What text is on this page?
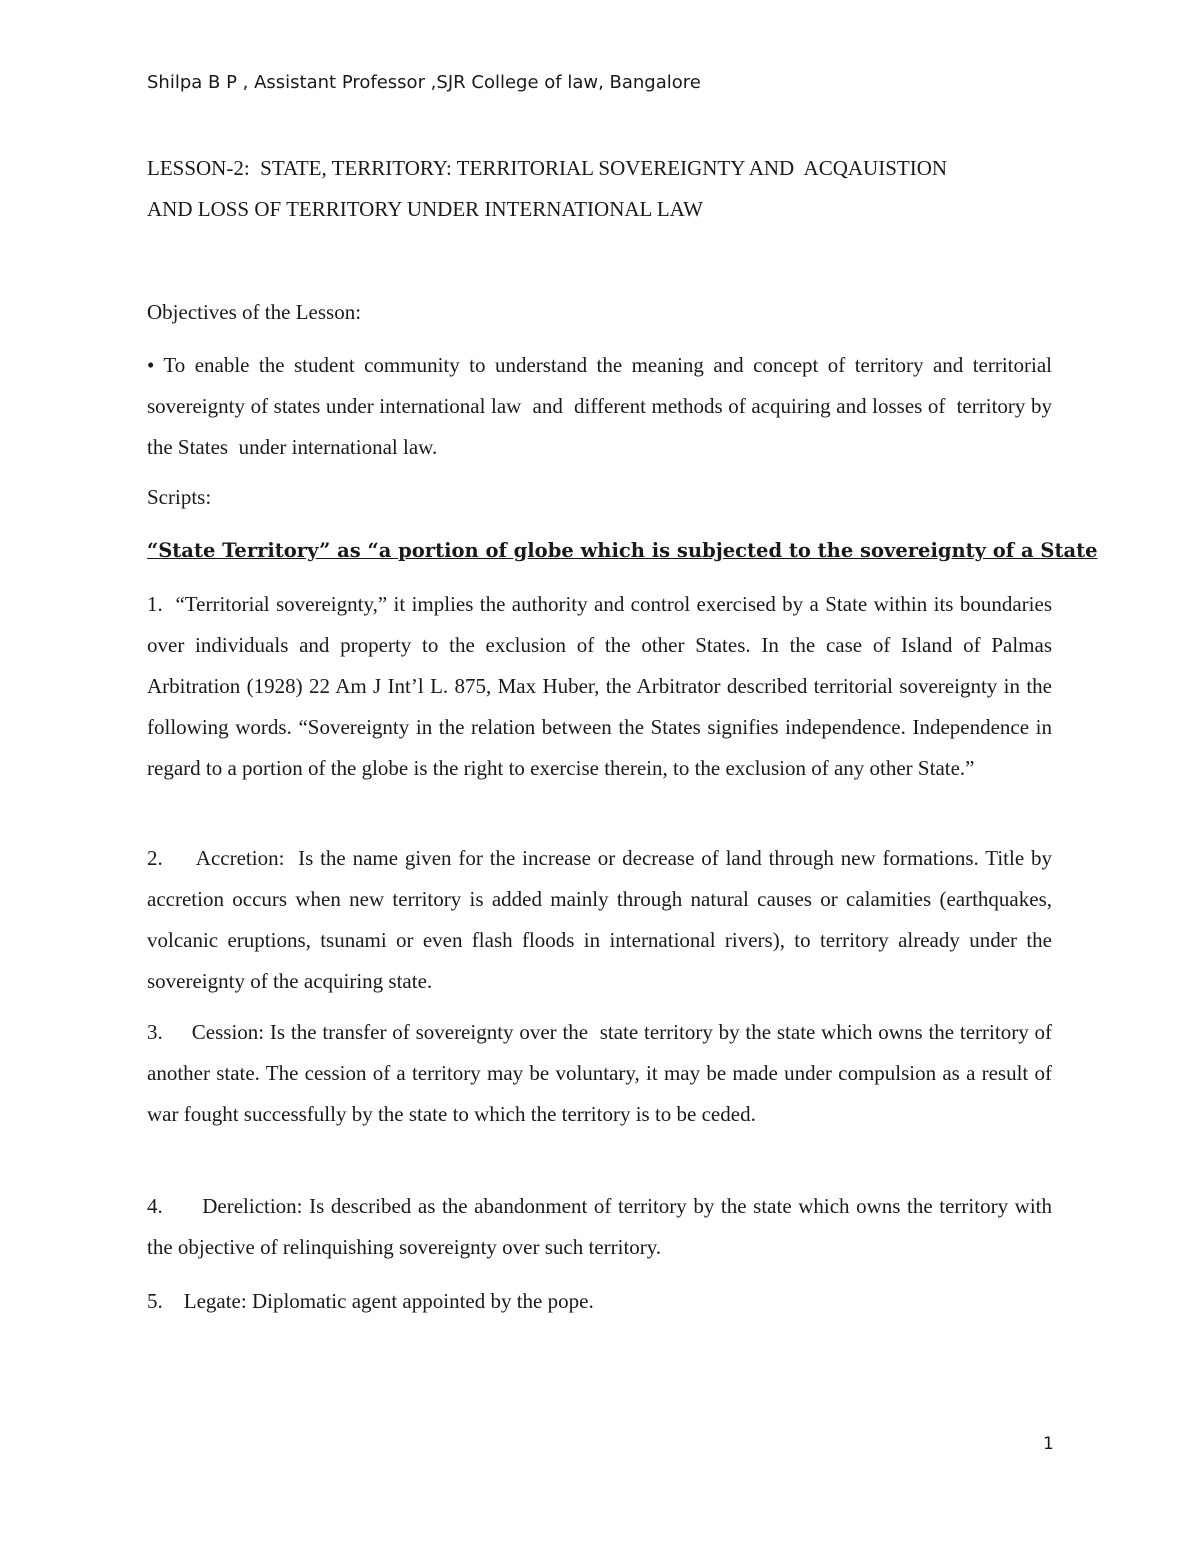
Shilpa B P , Assistant Professor ,SJR College of law, Bangalore
LESSON-2:  STATE, TERRITORY: TERRITORIAL SOVEREIGNTY AND  ACQAUISTION
AND LOSS OF TERRITORY UNDER INTERNATIONAL LAW
Objectives of the Lesson:
• To enable the student community to understand the meaning and concept of territory and territorial sovereignty of states under international law  and  different methods of acquiring and losses of  territory by the States  under international law.
Scripts:
“State Territory” as “a portion of globe which is subjected to the sovereignty of a State
1.  “Territorial sovereignty,” it implies the authority and control exercised by a State within its boundaries over individuals and property to the exclusion of the other States. In the case of Island of Palmas Arbitration (1928) 22 Am J Int’l L. 875, Max Huber, the Arbitrator described territorial sovereignty in the following words. “Sovereignty in the relation between the States signifies independence. Independence in regard to a portion of the globe is the right to exercise therein, to the exclusion of any other State.”
2.     Accretion:  Is the name given for the increase or decrease of land through new formations. Title by accretion occurs when new territory is added mainly through natural causes or calamities (earthquakes, volcanic eruptions, tsunami or even flash floods in international rivers), to territory already under the sovereignty of the acquiring state.
3.     Cession: Is the transfer of sovereignty over the  state territory by the state which owns the territory of another state. The cession of a territory may be voluntary, it may be made under compulsion as a result of war fought successfully by the state to which the territory is to be ceded.
4.      Dereliction: Is described as the abandonment of territory by the state which owns the territory with the objective of relinquishing sovereignty over such territory.
5.    Legate: Diplomatic agent appointed by the pope.
1
